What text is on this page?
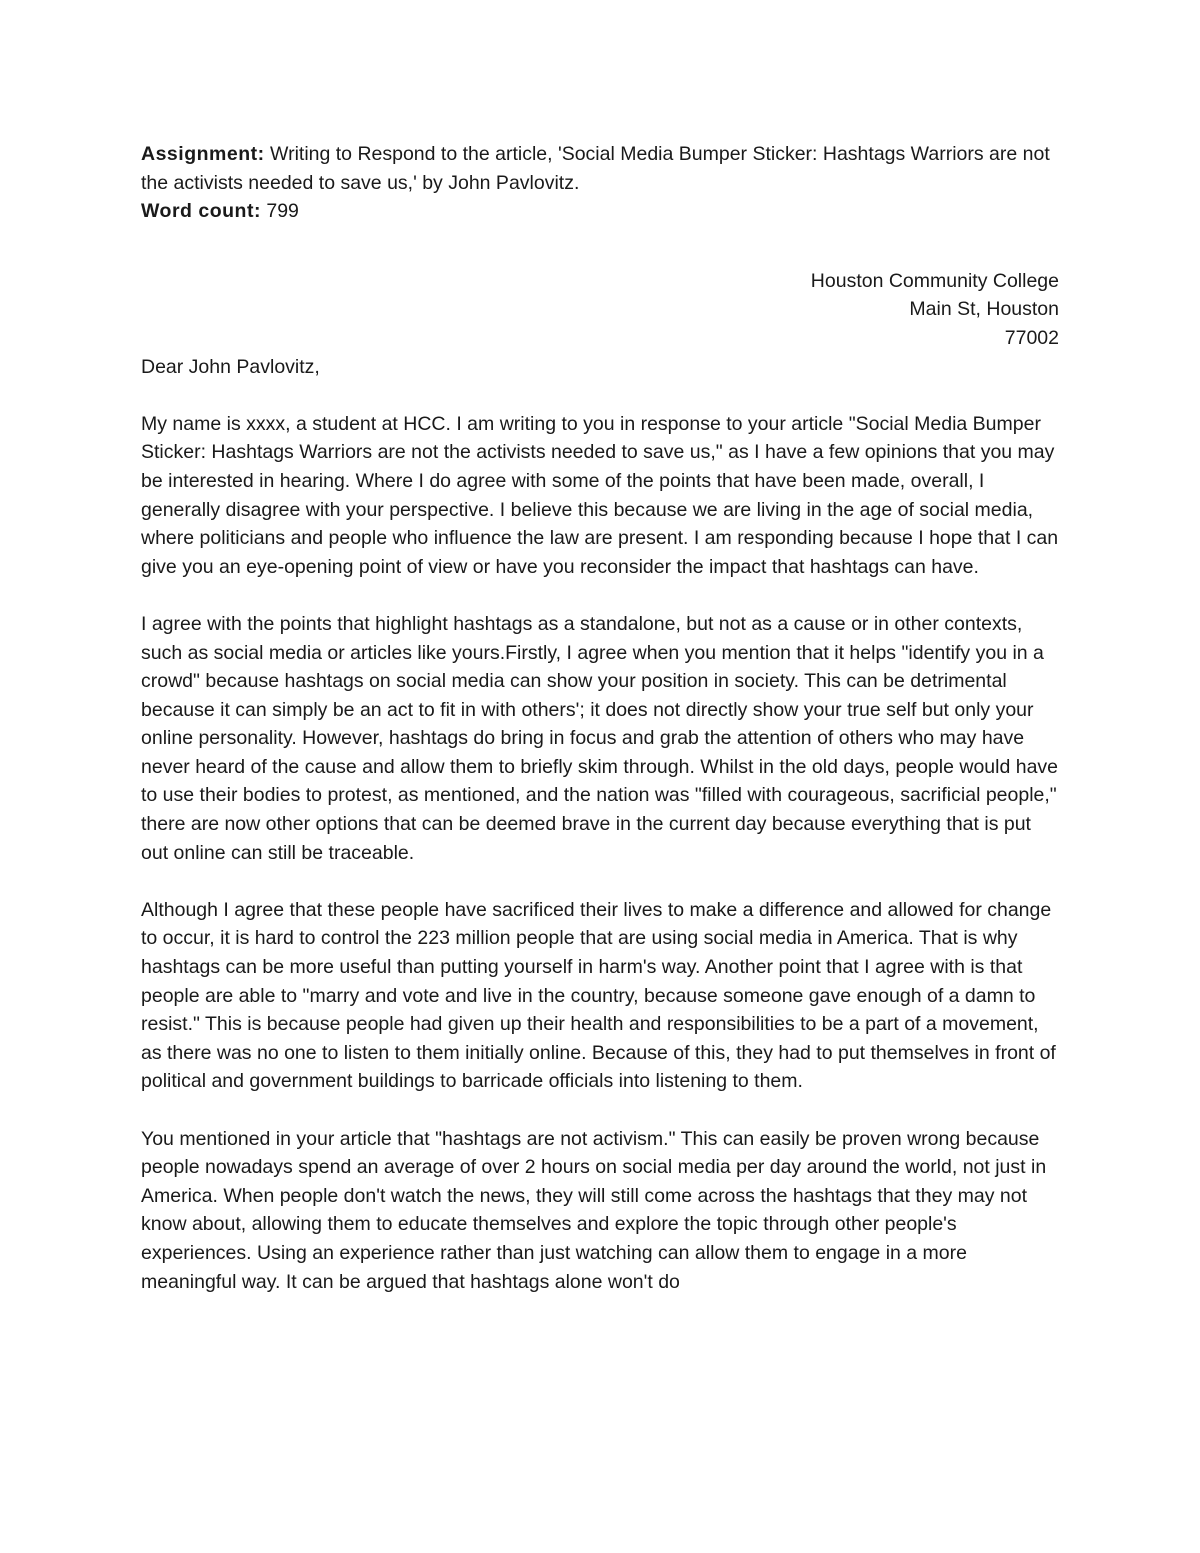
Assignment: Writing to Respond to the article, 'Social Media Bumper Sticker: Hashtags Warriors are not the activists needed to save us,' by John Pavlovitz.

Word count: 799

Houston Community College
Main St, Houston
77002

Dear John Pavlovitz,

My name is xxxx, a student at HCC. I am writing to you in response to your article "Social Media Bumper Sticker: Hashtags Warriors are not the activists needed to save us," as I have a few opinions that you may be interested in hearing. Where I do agree with some of the points that have been made, overall, I generally disagree with your perspective. I believe this because we are living in the age of social media, where politicians and people who influence the law are present. I am responding because I hope that I can give you an eye-opening point of view or have you reconsider the impact that hashtags can have.

I agree with the points that highlight hashtags as a standalone, but not as a cause or in other contexts, such as social media or articles like yours.Firstly, I agree when you mention that it helps "identify you in a crowd" because hashtags on social media can show your position in society. This can be detrimental because it can simply be an act to fit in with others'; it does not directly show your true self but only your online personality. However, hashtags do bring in focus and grab the attention of others who may have never heard of the cause and allow them to briefly skim through. Whilst in the old days, people would have to use their bodies to protest, as mentioned, and the nation was "filled with courageous, sacrificial people," there are now other options that can be deemed brave in the current day because everything that is put out online can still be traceable.

Although I agree that these people have sacrificed their lives to make a difference and allowed for change to occur, it is hard to control the 223 million people that are using social media in America. That is why hashtags can be more useful than putting yourself in harm's way. Another point that I agree with is that people are able to "marry and vote and live in the country, because someone gave enough of a damn to resist." This is because people had given up their health and responsibilities to be a part of a movement, as there was no one to listen to them initially online. Because of this, they had to put themselves in front of political and government buildings to barricade officials into listening to them.

You mentioned in your article that "hashtags are not activism." This can easily be proven wrong because people nowadays spend an average of over 2 hours on social media per day around the world, not just in America. When people don't watch the news, they will still come across the hashtags that they may not know about, allowing them to educate themselves and explore the topic through other people's experiences. Using an experience rather than just watching can allow them to engage in a more meaningful way. It can be argued that hashtags alone won't do
